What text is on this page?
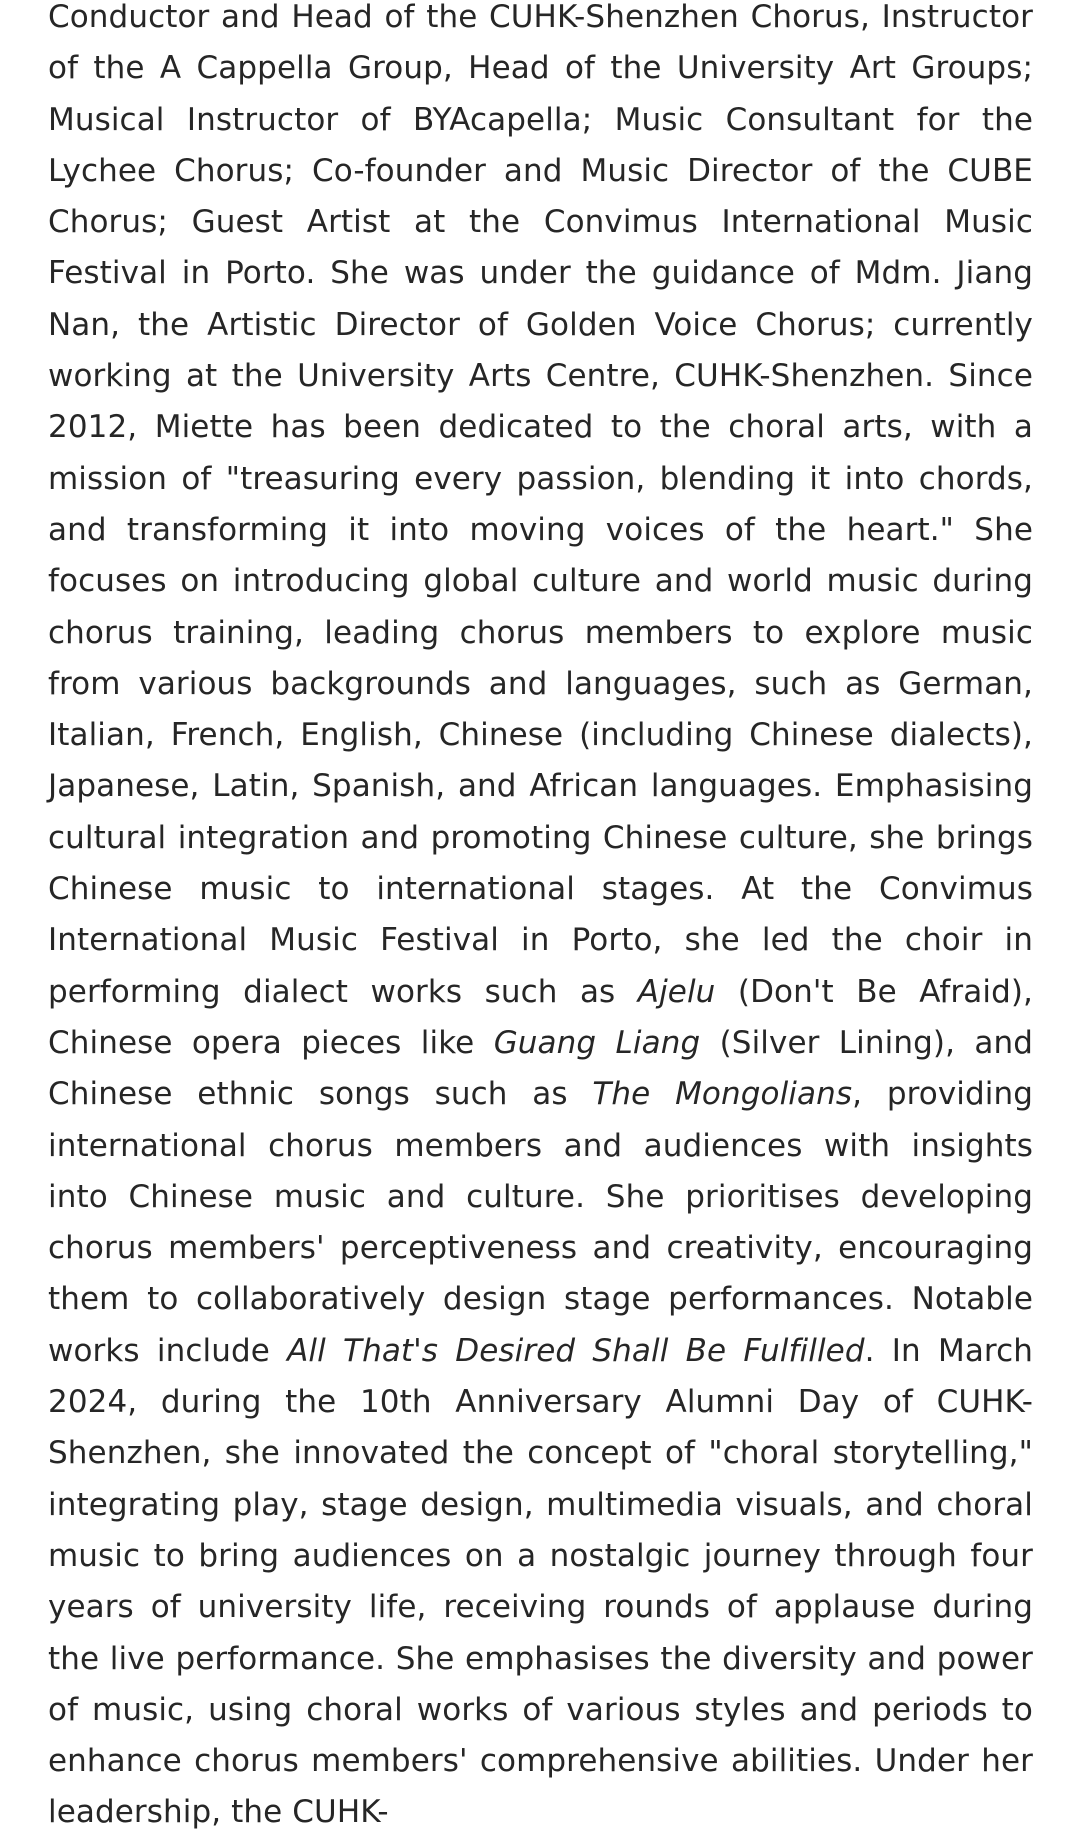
Conductor and Head of the CUHK-Shenzhen Chorus, Instructor of the A Cappella Group, Head of the University Art Groups; Musical Instructor of BYAcapella; Music Consultant for the Lychee Chorus; Co-founder and Music Director of the CUBE Chorus; Guest Artist at the Convimus International Music Festival in Porto. She was under the guidance of Mdm. Jiang Nan, the Artistic Director of Golden Voice Chorus; currently working at the University Arts Centre, CUHK-Shenzhen. Since 2012, Miette has been dedicated to the choral arts, with a mission of "treasuring every passion, blending it into chords, and transforming it into moving voices of the heart." She focuses on introducing global culture and world music during chorus training, leading chorus members to explore music from various backgrounds and languages, such as German, Italian, French, English, Chinese (including Chinese dialects), Japanese, Latin, Spanish, and African languages. Emphasising cultural integration and promoting Chinese culture, she brings Chinese music to international stages. At the Convimus International Music Festival in Porto, she led the choir in performing dialect works such as Ajelu (Don't Be Afraid), Chinese opera pieces like Guang Liang (Silver Lining), and Chinese ethnic songs such as The Mongolians, providing international chorus members and audiences with insights into Chinese music and culture. She prioritises developing chorus members' perceptiveness and creativity, encouraging them to collaboratively design stage performances. Notable works include All That's Desired Shall Be Fulfilled. In March 2024, during the 10th Anniversary Alumni Day of CUHK-Shenzhen, she innovated the concept of "choral storytelling," integrating play, stage design, multimedia visuals, and choral music to bring audiences on a nostalgic journey through four years of university life, receiving rounds of applause during the live performance. She emphasises the diversity and power of music, using choral works of various styles and periods to enhance chorus members' comprehensive abilities. Under her leadership, the CUHK-
